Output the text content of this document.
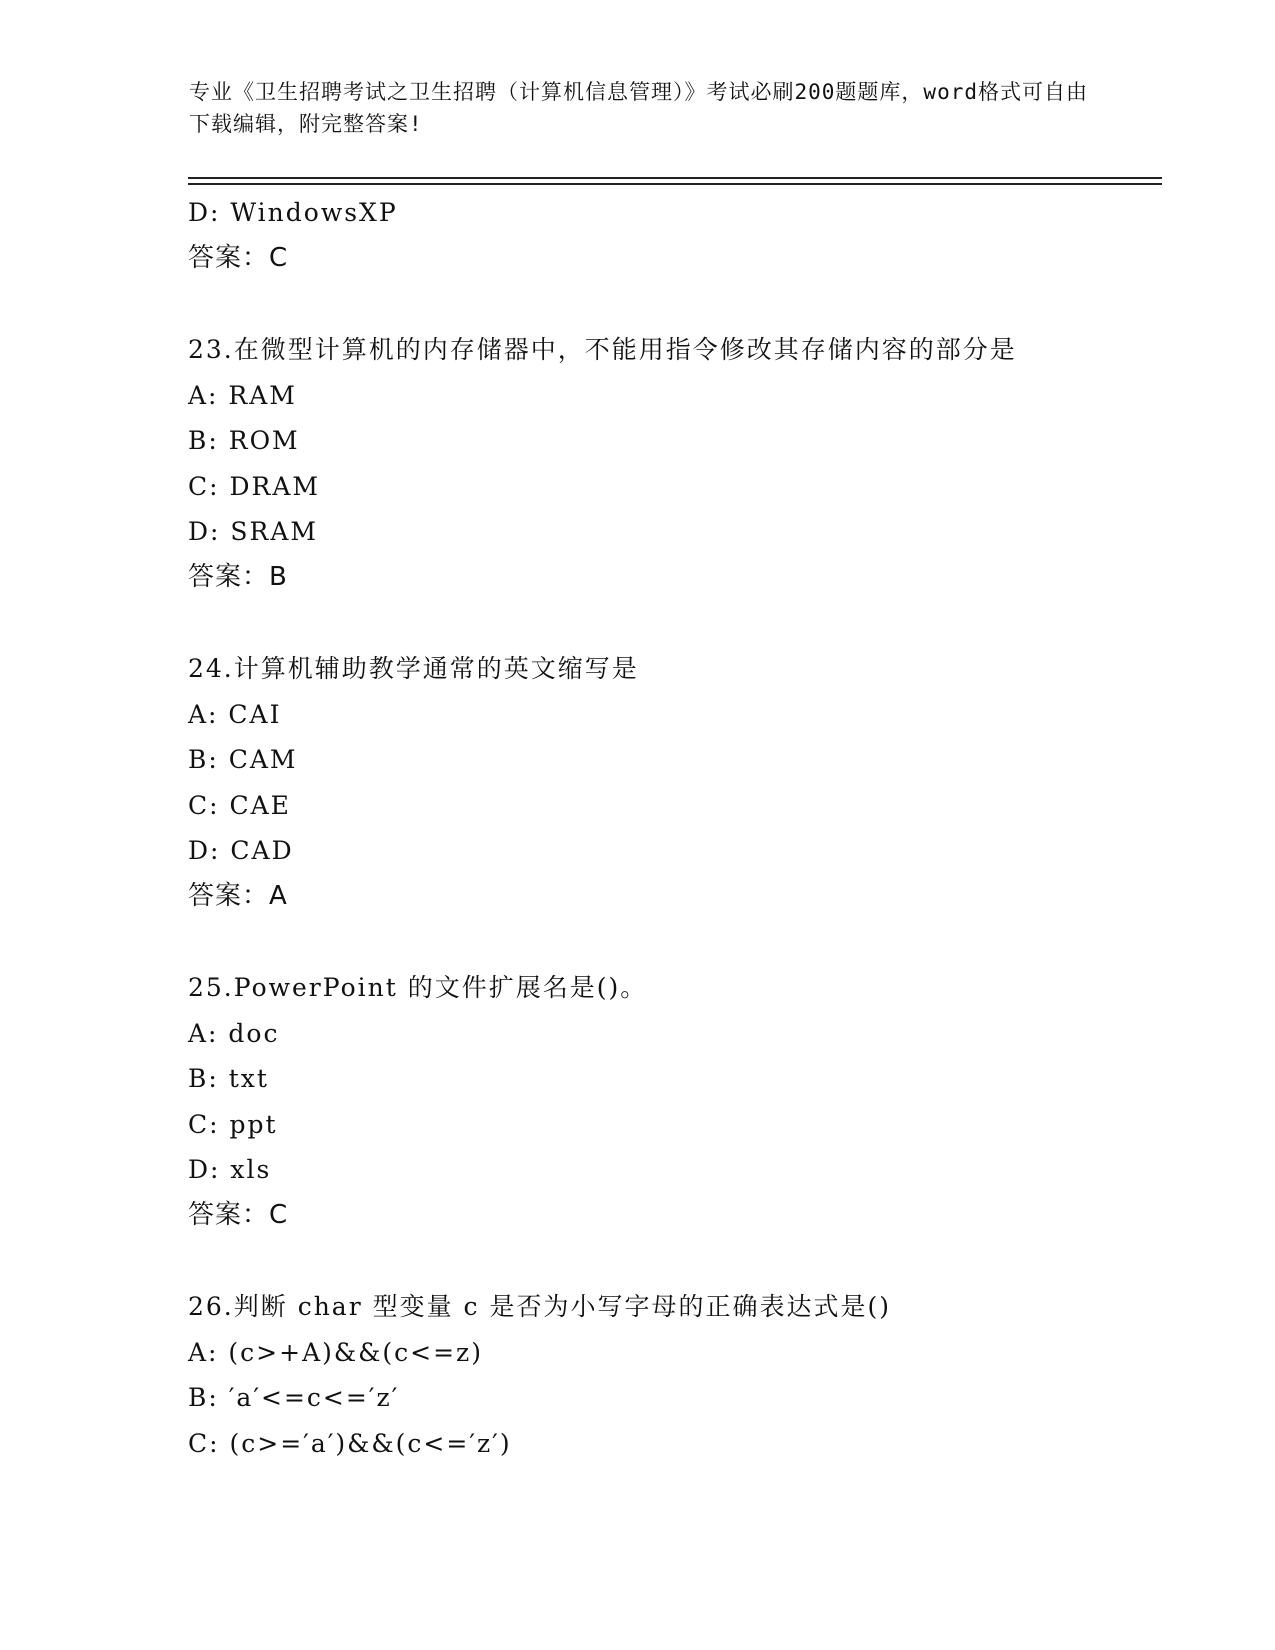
专业《卫生招聘考试之卫生招聘（计算机信息管理）》考试必刷200题题库，word格式可自由下载编辑，附完整答案!
D: WindowsXP
答案：C
23.在微型计算机的内存储器中，不能用指令修改其存储内容的部分是
A: RAM
B: ROM
C: DRAM
D: SRAM
答案：B
24.计算机辅助教学通常的英文缩写是
A: CAI
B: CAM
C: CAE
D: CAD
答案：A
25.PowerPoint 的文件扩展名是()。
A: doc
B: txt
C: ppt
D: xls
答案：C
26.判断 char 型变量 c 是否为小写字母的正确表达式是()
A: (c>+A)&&(c<=z)
B: ′a′<=c<=′z′
C: (c>=′a′)&&(c<=′z′)
